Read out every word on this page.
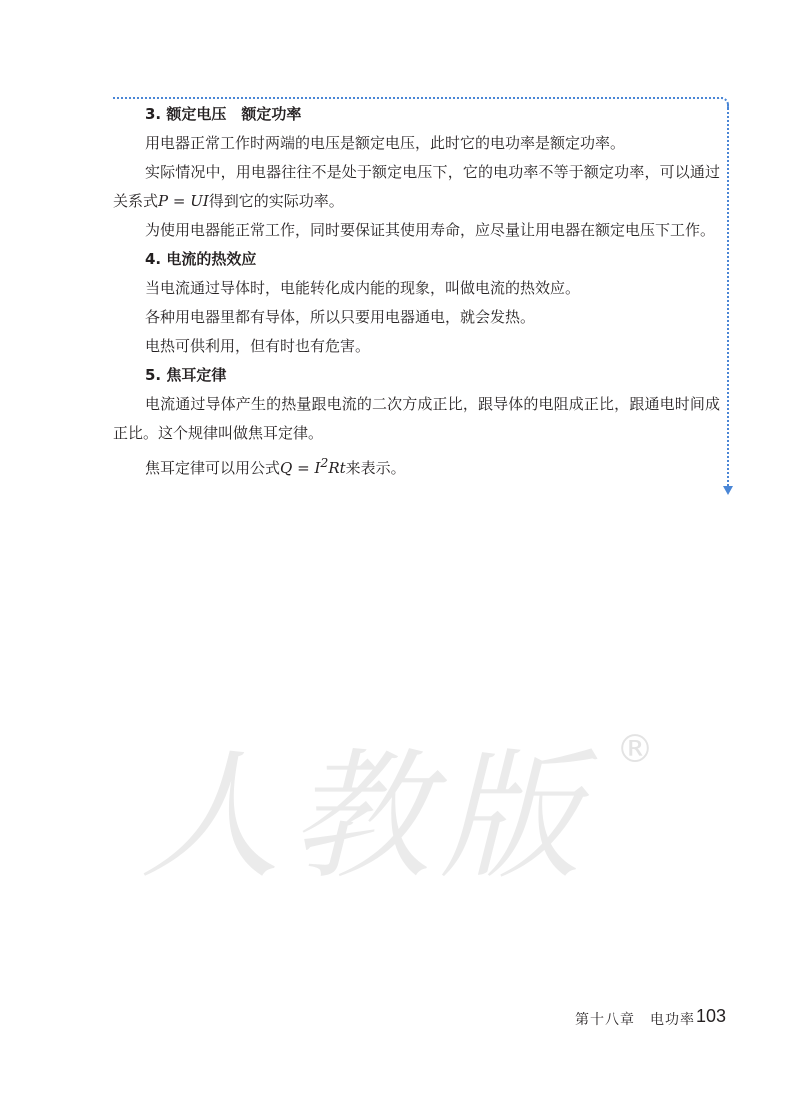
3. 额定电压　额定功率

用电器正常工作时两端的电压是额定电压，此时它的电功率是额定功率。

实际情况中，用电器往往不是处于额定电压下，它的电功率不等于额定功率，可以通过关系式P = UI得到它的实际功率。

为使用电器能正常工作，同时要保证其使用寿命，应尽量让用电器在额定电压下工作。

4. 电流的热效应

当电流通过导体时，电能转化成内能的现象，叫做电流的热效应。

各种用电器里都有导体，所以只要用电器通电，就会发热。

电热可供利用，但有时也有危害。

5. 焦耳定律

电流通过导体产生的热量跟电流的二次方成正比，跟导体的电阻成正比，跟通电时间成正比。这个规律叫做焦耳定律。

焦耳定律可以用公式$Q = I^2Rt$来表示。

人教版 ®
第十八章　电功率 103
